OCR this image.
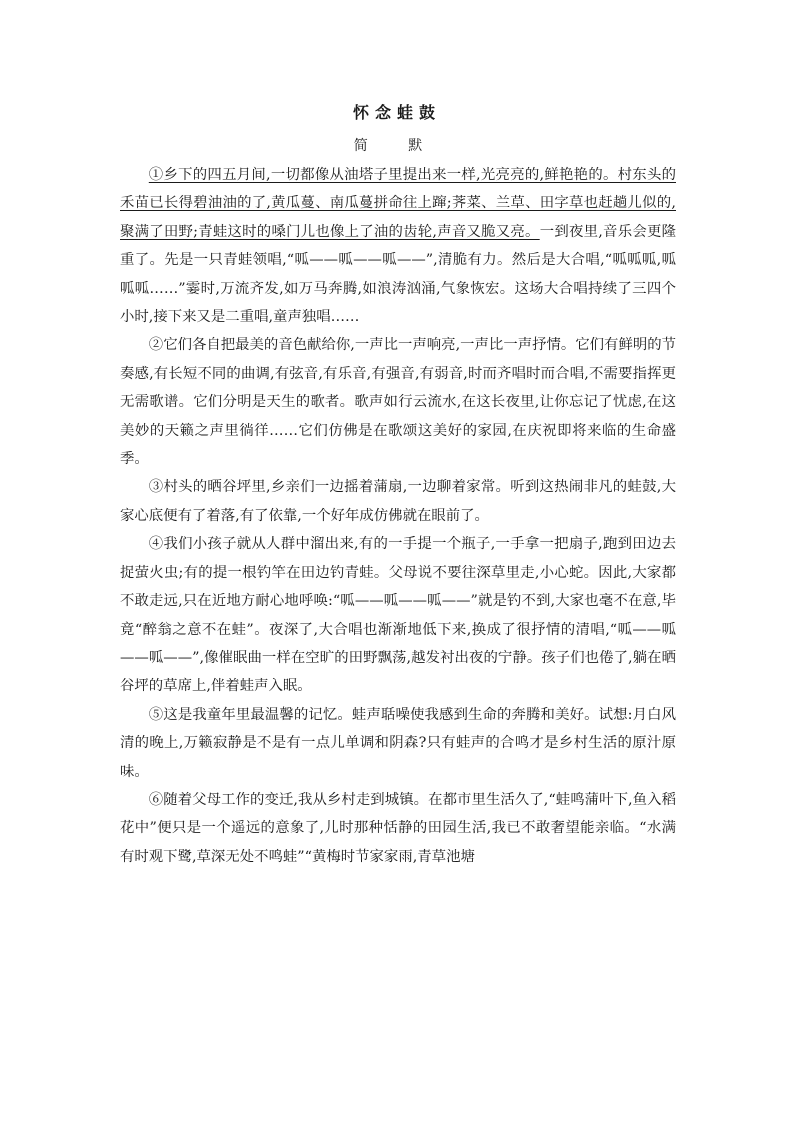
怀念蛙鼓
简 默

①乡下的四五月间,一切都像从油塔子里提出来一样,光亮亮的,鲜艳艳的。村东头的禾苗已长得碧油油的了,黄瓜蔓、南瓜蔓拼命往上蹿;荠菜、兰草、田字草也赶趟儿似的,聚满了田野;青蛙这时的嗓门儿也像上了油的齿轮,声音又脆又亮。一到夜里,音乐会更隆重了。先是一只青蛙领唱,“呱——呱——呱——”,清脆有力。然后是大合唱,“呱呱呱,呱呱呱……”霎时,万流齐发,如万马奔腾,如浪涛汹涌,气象恢宏。这场大合唱持续了三四个小时,接下来又是二重唱,童声独唱……

②它们各自把最美的音色献给你,一声比一声响亮,一声比一声抒情。它们有鲜明的节奏感,有长短不同的曲调,有弦音,有乐音,有强音,有弱音,时而齐唱时而合唱,不需要指挥更无需歌谱。它们分明是天生的歌者。歌声如行云流水,在这长夜里,让你忘记了忧虑,在这美妙的天籁之声里徜徉……它们仿佛是在歌颂这美好的家园,在庆祝即将来临的生命盛季。

③村头的晒谷坪里,乡亲们一边摇着蒲扇,一边聊着家常。听到这热闹非凡的蛙鼓,大家心底便有了着落,有了依靠,一个好年成仿佛就在眼前了。

④我们小孩子就从人群中溜出来,有的一手提一个瓶子,一手拿一把扇子,跑到田边去捉萤火虫;有的提一根钓竿在田边钓青蛙。父母说不要往深草里走,小心蛇。因此,大家都不敢走远,只在近地方耐心地呼唤:“呱——呱——呱——”就是钓不到,大家也毫不在意,毕竟“醉翁之意不在蛙”。夜深了,大合唱也渐渐地低下来,换成了很抒情的清唱,“呱——呱——呱——”,像催眠曲一样在空旷的田野飘荡,越发衬出夜的宁静。孩子们也倦了,躺在晒谷坪的草席上,伴着蛙声入眠。

⑤这是我童年里最温馨的记忆。蛙声聒噪使我感到生命的奔腾和美好。试想:月白风清的晚上,万籁寂静是不是有一点儿单调和阴森?只有蛙声的合鸣才是乡村生活的原汁原味。

⑥随着父母工作的变迁,我从乡村走到城镇。在都市里生活久了,“蛙鸣蒲叶下,鱼入稻花中”便只是一个遥远的意象了,儿时那种恬静的田园生活,我已不敢奢望能亲临。“水满有时观下鹭,草深无处不鸣蛙”“黄梅时节家家雨,青草池塘
